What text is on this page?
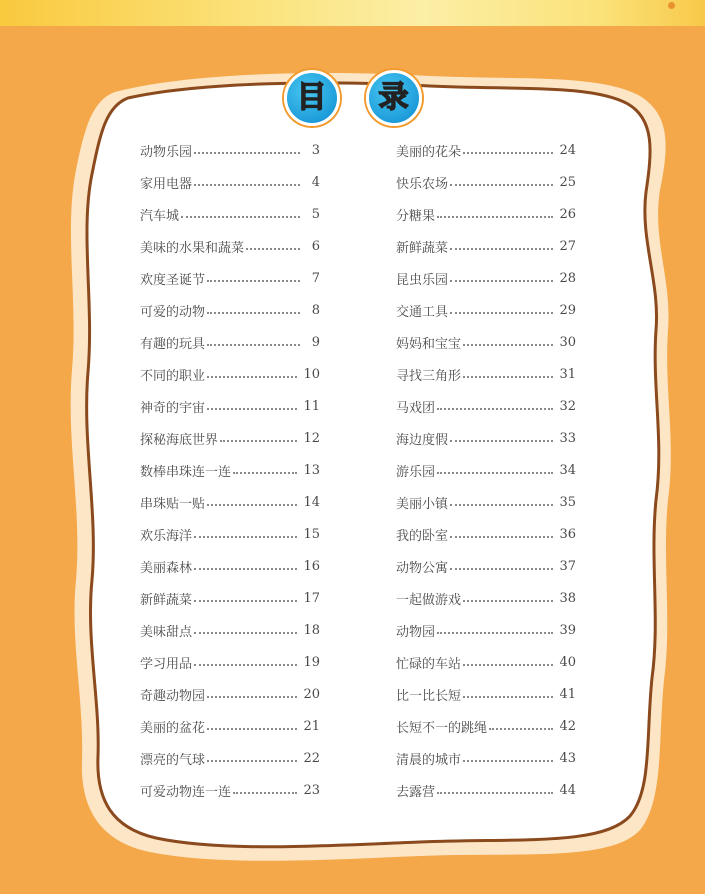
目 录
动物乐园	3
家用电器	4
汽车城	5
美味的水果和蔬菜	6
欢度圣诞节	7
可爱的动物	8
有趣的玩具	9
不同的职业	10
神奇的宇宙	11
探秘海底世界	12
数棒串珠连一连	13
串珠贴一贴	14
欢乐海洋	15
美丽森林	16
新鲜蔬菜	17
美味甜点	18
学习用品	19
奇趣动物园	20
美丽的盆花	21
漂亮的气球	22
可爱动物连一连	23
美丽的花朵	24
快乐农场	25
分糖果	26
新鲜蔬菜	27
昆虫乐园	28
交通工具	29
妈妈和宝宝	30
寻找三角形	31
马戏团	32
海边度假	33
游乐园	34
美丽小镇	35
我的卧室	36
动物公寓	37
一起做游戏	38
动物园	39
忙碌的车站	40
比一比长短	41
长短不一的跳绳	42
清晨的城市	43
去露营	44
